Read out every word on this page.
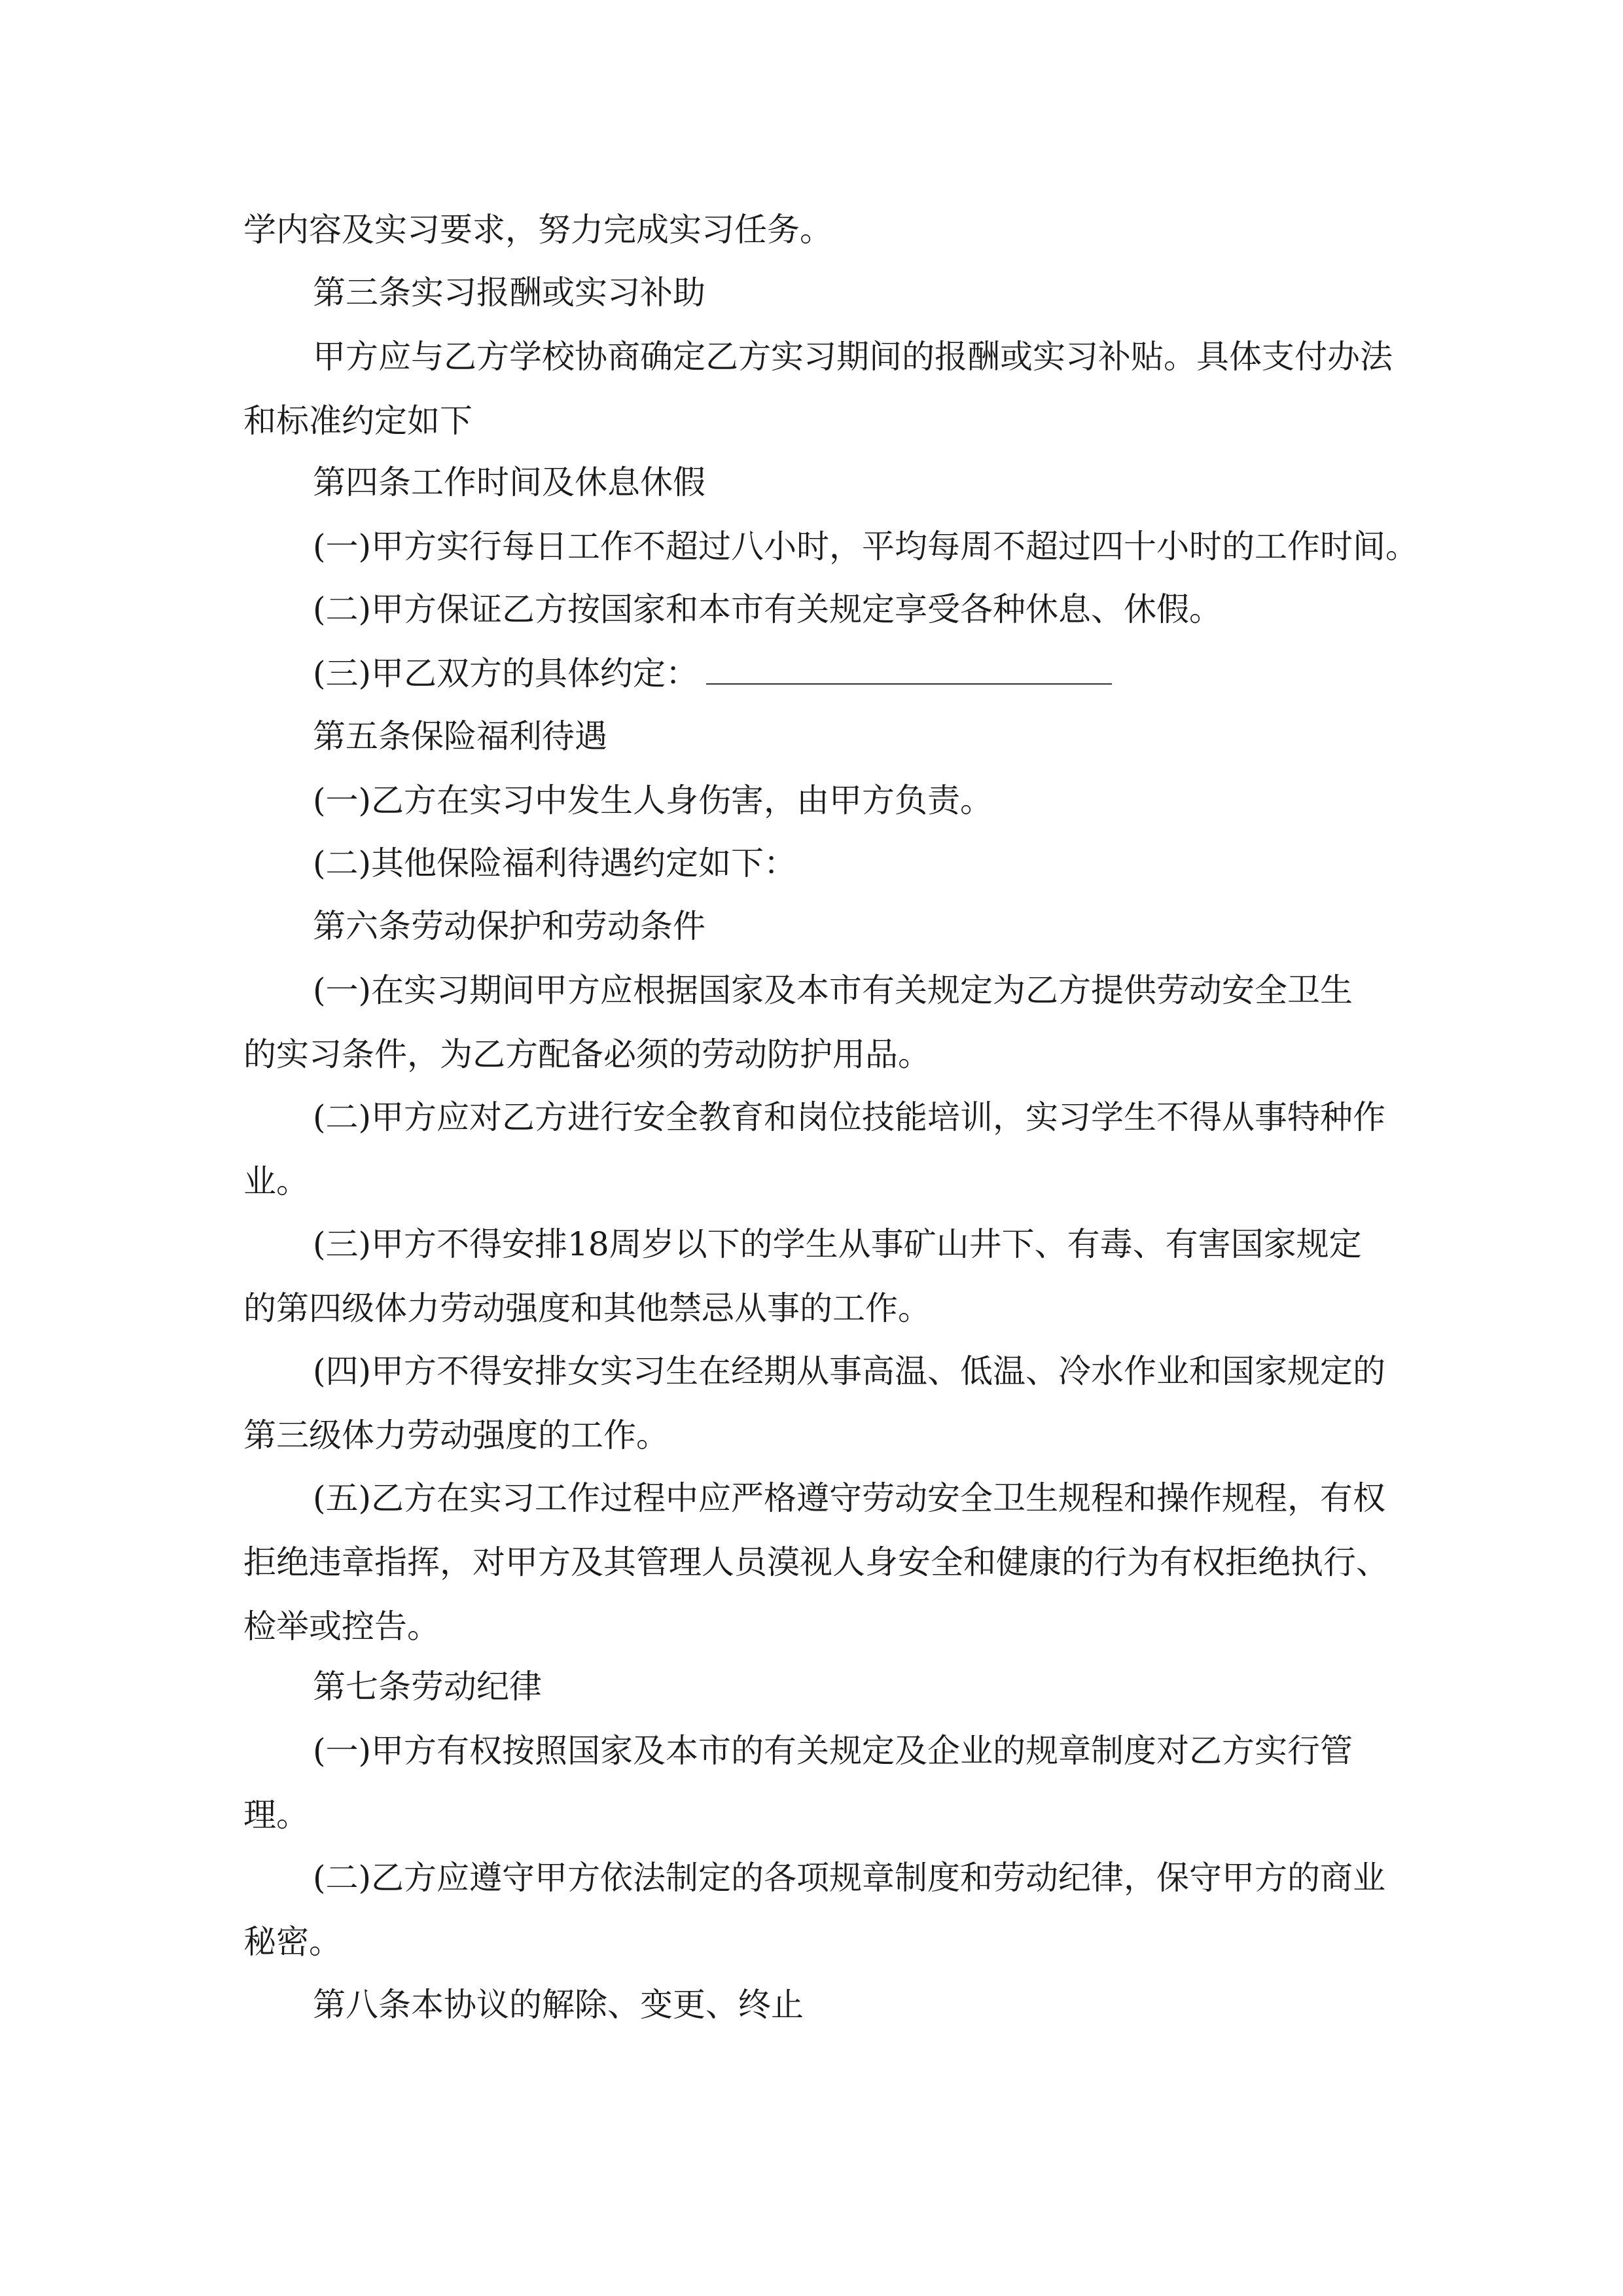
学内容及实习要求，努力完成实习任务。

第三条实习报酬或实习补助

甲方应与乙方学校协商确定乙方实习期间的报酬或实习补贴。具体支付办法
和标准约定如下

第四条工作时间及休息休假

(一)甲方实行每日工作不超过八小时，平均每周不超过四十小时的工作时间。

(二)甲方保证乙方按国家和本市有关规定享受各种休息、休假。

(三)甲乙双方的具体约定：

第五条保险福利待遇

(一)乙方在实习中发生人身伤害，由甲方负责。

(二)其他保险福利待遇约定如下：

第六条劳动保护和劳动条件

(一)在实习期间甲方应根据国家及本市有关规定为乙方提供劳动安全卫生
的实习条件，为乙方配备必须的劳动防护用品。

(二)甲方应对乙方进行安全教育和岗位技能培训，实习学生不得从事特种作
业。

(三)甲方不得安排18周岁以下的学生从事矿山井下、有毒、有害国家规定
的第四级体力劳动强度和其他禁忌从事的工作。

(四)甲方不得安排女实习生在经期从事高温、低温、冷水作业和国家规定的
第三级体力劳动强度的工作。

(五)乙方在实习工作过程中应严格遵守劳动安全卫生规程和操作规程，有权
拒绝违章指挥，对甲方及其管理人员漠视人身安全和健康的行为有权拒绝执行、
检举或控告。

第七条劳动纪律

(一)甲方有权按照国家及本市的有关规定及企业的规章制度对乙方实行管
理。

(二)乙方应遵守甲方依法制定的各项规章制度和劳动纪律，保守甲方的商业
秘密。

第八条本协议的解除、变更、终止
